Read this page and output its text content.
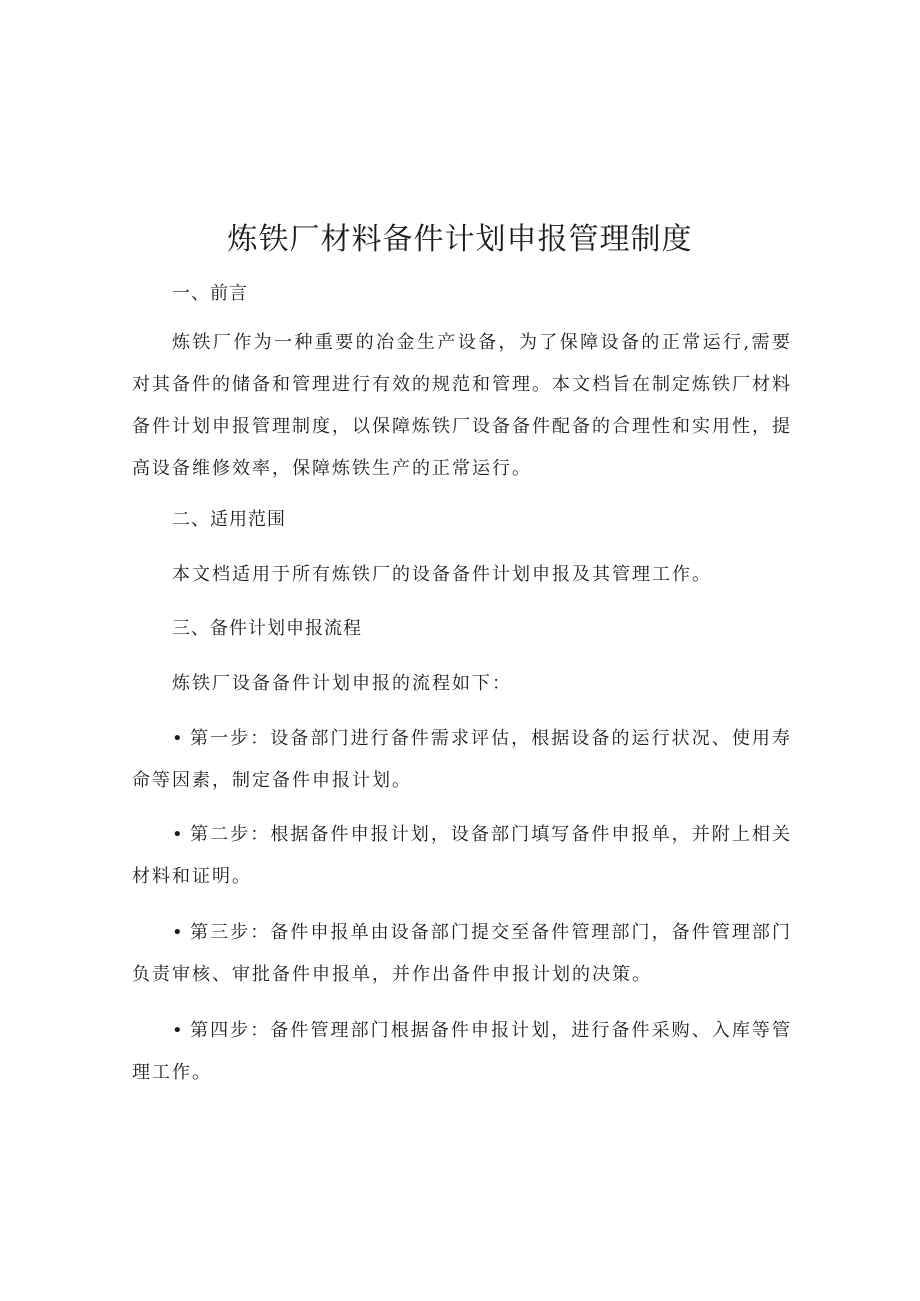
炼铁厂材料备件计划申报管理制度

一、前言

炼铁厂作为一种重要的冶金生产设备，为了保障设备的正常运行,需要对其备件的储备和管理进行有效的规范和管理。本文档旨在制定炼铁厂材料备件计划申报管理制度，以保障炼铁厂设备备件配备的合理性和实用性，提高设备维修效率，保障炼铁生产的正常运行。

二、适用范围

本文档适用于所有炼铁厂的设备备件计划申报及其管理工作。

三、备件计划申报流程

炼铁厂设备备件计划申报的流程如下：

• 第一步：设备部门进行备件需求评估，根据设备的运行状况、使用寿命等因素，制定备件申报计划。

• 第二步：根据备件申报计划，设备部门填写备件申报单，并附上相关材料和证明。

• 第三步：备件申报单由设备部门提交至备件管理部门，备件管理部门负责审核、审批备件申报单，并作出备件申报计划的决策。

• 第四步：备件管理部门根据备件申报计划，进行备件采购、入库等管理工作。
